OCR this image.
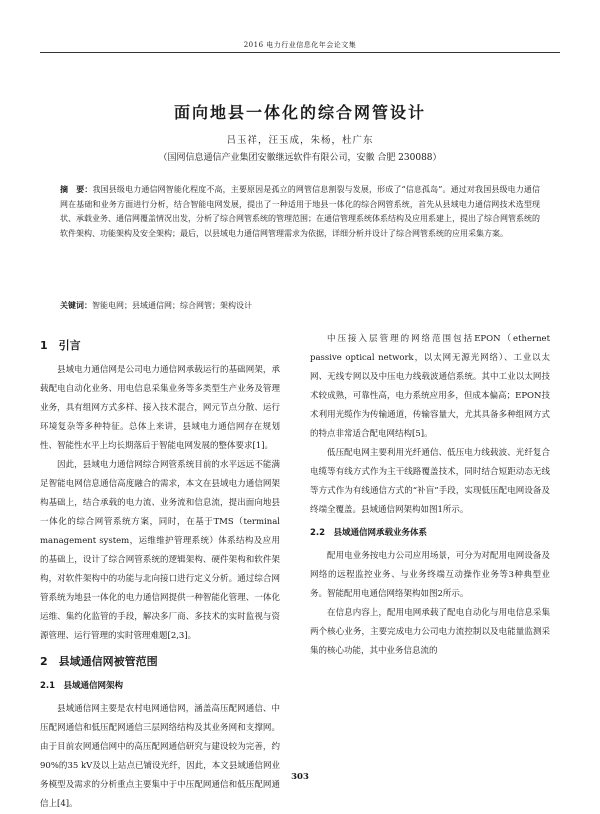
2016 电力行业信息化年会论文集
面向地县一体化的综合网管设计
吕玉祥，汪玉成，朱杨，杜广东
（国网信息通信产业集团安徽继远软件有限公司，安徽 合肥 230088）
摘　要：我国县级电力通信网智能化程度不高，主要原因是孤立的网管信息割裂与发展，形成了“信息孤岛”。通过对我国县级电力通信网在基础和业务方面进行分析，结合智能电网发展，提出了一种适用于地县一体化的综合网管系统，首先从县域电力通信网技术选型现状、承载业务、通信网覆盖情况出发，分析了综合网管系统的管理范围；在通信管理系统体系结构及应用系建上，提出了综合网管系统的软件架构、功能架构及安全架构；最后，以县域电力通信网管理需求为依据，详细分析并设计了综合网管系统的应用采集方案。
关键词：智能电网；县域通信网；综合网管；架构设计
1　引言

县域电力通信网是公司电力通信网承载运行的基础网架，承载配电自动化业务、用电信息采集业务等多类型生产业务及管理业务，具有组网方式多样、接入技术混合，网元节点分散、运行环境复杂等多种特征。总体上来讲，县域电力通信网存在规划性、智能性水平上均长期落后于智能电网发展的整体要求[1]。

因此，县域电力通信网综合网管系统目前的水平远远不能满足智能电网信息通信高度融合的需求，本文在县域电力通信网架构基础上，结合承载的电力流、业务流和信息流，提出面向地县一体化的综合网管系统方案，同时，在基于TMS（terminal management system，运维维护管理系统）体系结构及应用的基础上，设计了综合网管系统的逻辑架构、硬件架构和软件架构，对软件架构中的功能与北向接口进行定义分析。通过综合网管系统为地县一体化的电力通信网提供一种智能化管理、一体化运维、集约化监管的手段，解决多厂商、多技术的实时监视与资源管理、运行管理的实时管理难题[2,3]。

2　县域通信网被管范围
2.1　县域通信网架构

县域通信网主要是农村电网通信网，涵盖高压配网通信、中压配网通信和低压配网通信三层网络结构及其业务网和支撑网。由于目前农网通信网中的高压配网通信研究与建设较为完善，约90%的35 kV及以上站点已铺设光纤，因此，本文县域通信网业务模型及需求的分析重点主要集中于中压配网通信和低压配网通信上[4]。

中压接入层管理的网络范围包括EPON（ethernet passive optical network，以太网无源光网络）、工业以太网、无线专网以及中压电力线载波通信系统。其中工业以太网技术较成熟，可靠性高，电力系统应用多，但成本偏高；EPON技术利用光缆作为传输通道，传输容量大，尤其具备多种组网方式的特点非常适合配电网结构[5]。

低压配电网主要利用光纤通信、低压电力线载波、光纤复合电缆等有线方式作为主干线路覆盖技术，同时结合短距动态无线等方式作为有线通信方式的“补盲”手段，实现低压配电网设备及终端全覆盖。县域通信网架构如图1所示。

2.2　县域通信网承载业务体系

配用电业务按电力公司应用场景，可分为对配用电网设备及网络的远程监控业务、与业务终端互动操作业务等3种典型业务。智能配用电通信网络架构如图2所示。

在信息内容上，配用电网承载了配电自动化与用电信息采集两个核心业务，主要完成电力公司电力流控制以及电能量监测采集的核心功能，其中业务信息流的

303
